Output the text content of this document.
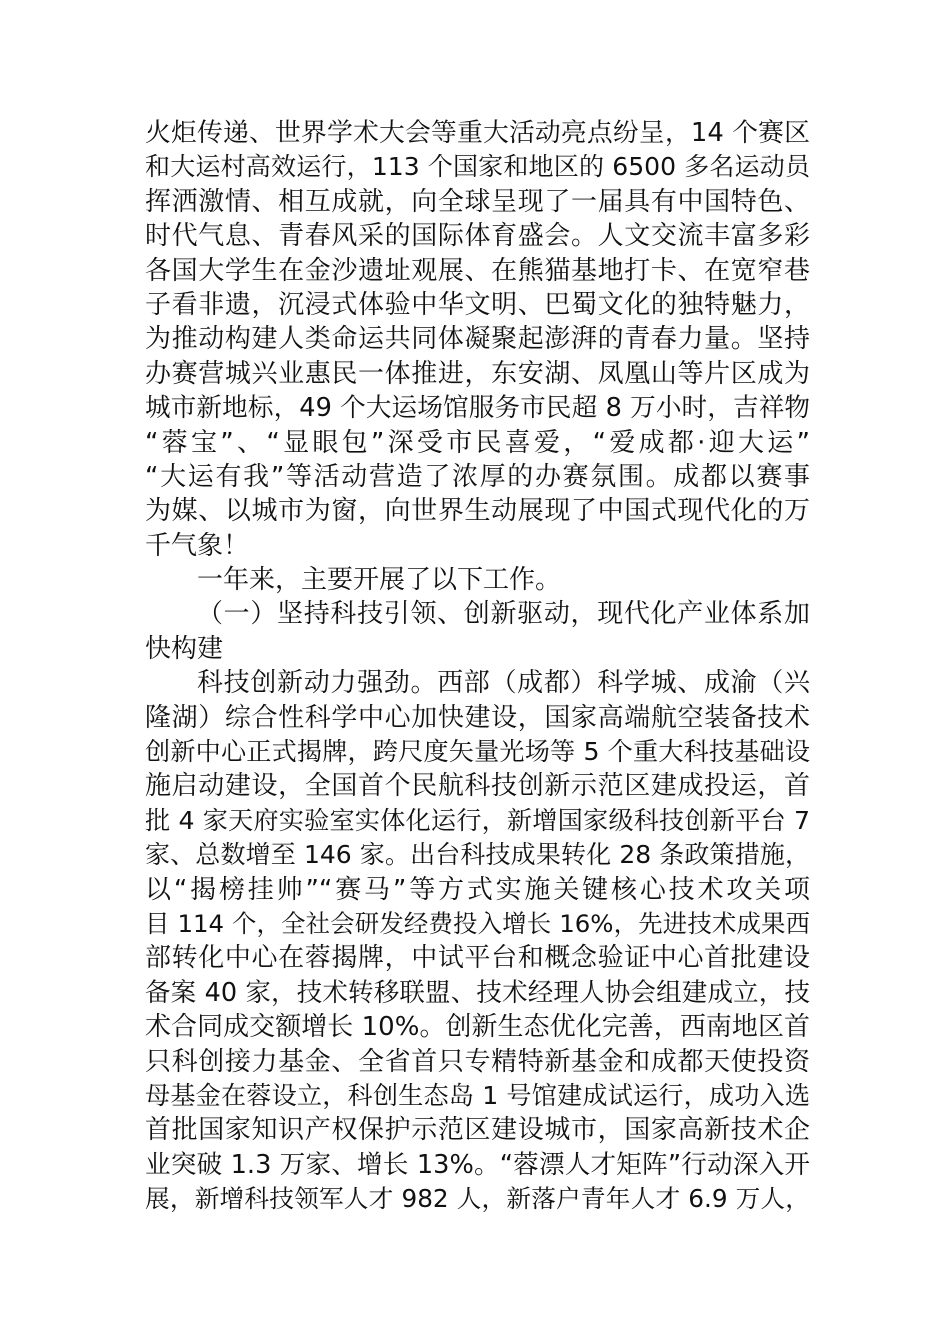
火炬传递、世界学术大会等重大活动亮点纷呈，14 个赛区
和大运村高效运行，113 个国家和地区的 6500 多名运动员
挥洒激情、相互成就，向全球呈现了一届具有中国特色、
时代气息、青春风采的国际体育盛会。人文交流丰富多彩
各国大学生在金沙遗址观展、在熊猫基地打卡、在宽窄巷
子看非遗，沉浸式体验中华文明、巴蜀文化的独特魅力，
为推动构建人类命运共同体凝聚起澎湃的青春力量。坚持
办赛营城兴业惠民一体推进，东安湖、凤凰山等片区成为
城市新地标，49 个大运场馆服务市民超 8 万小时，吉祥物
“蓉宝”、“显眼包”深受市民喜爱，“爱成都·迎大运”
“大运有我”等活动营造了浓厚的办赛氛围。成都以赛事
为媒、以城市为窗，向世界生动展现了中国式现代化的万
千气象！
一年来，主要开展了以下工作。
（一）坚持科技引领、创新驱动，现代化产业体系加
快构建
科技创新动力强劲。西部（成都）科学城、成渝（兴
隆湖）综合性科学中心加快建设，国家高端航空装备技术
创新中心正式揭牌，跨尺度矢量光场等 5 个重大科技基础设
施启动建设，全国首个民航科技创新示范区建成投运，首
批 4 家天府实验室实体化运行，新增国家级科技创新平台 7
家、总数增至 146 家。出台科技成果转化 28 条政策措施，
以“揭榜挂帅”“赛马”等方式实施关键核心技术攻关项
目 114 个，全社会研发经费投入增长 16%，先进技术成果西
部转化中心在蓉揭牌，中试平台和概念验证中心首批建设
备案 40 家，技术转移联盟、技术经理人协会组建成立，技
术合同成交额增长 10%。创新生态优化完善，西南地区首
只科创接力基金、全省首只专精特新基金和成都天使投资
母基金在蓉设立，科创生态岛 1 号馆建成试运行，成功入选
首批国家知识产权保护示范区建设城市，国家高新技术企
业突破 1.3 万家、增长 13%。“蓉漂人才矩阵”行动深入开
展，新增科技领军人才 982 人，新落户青年人才 6.9 万人，
